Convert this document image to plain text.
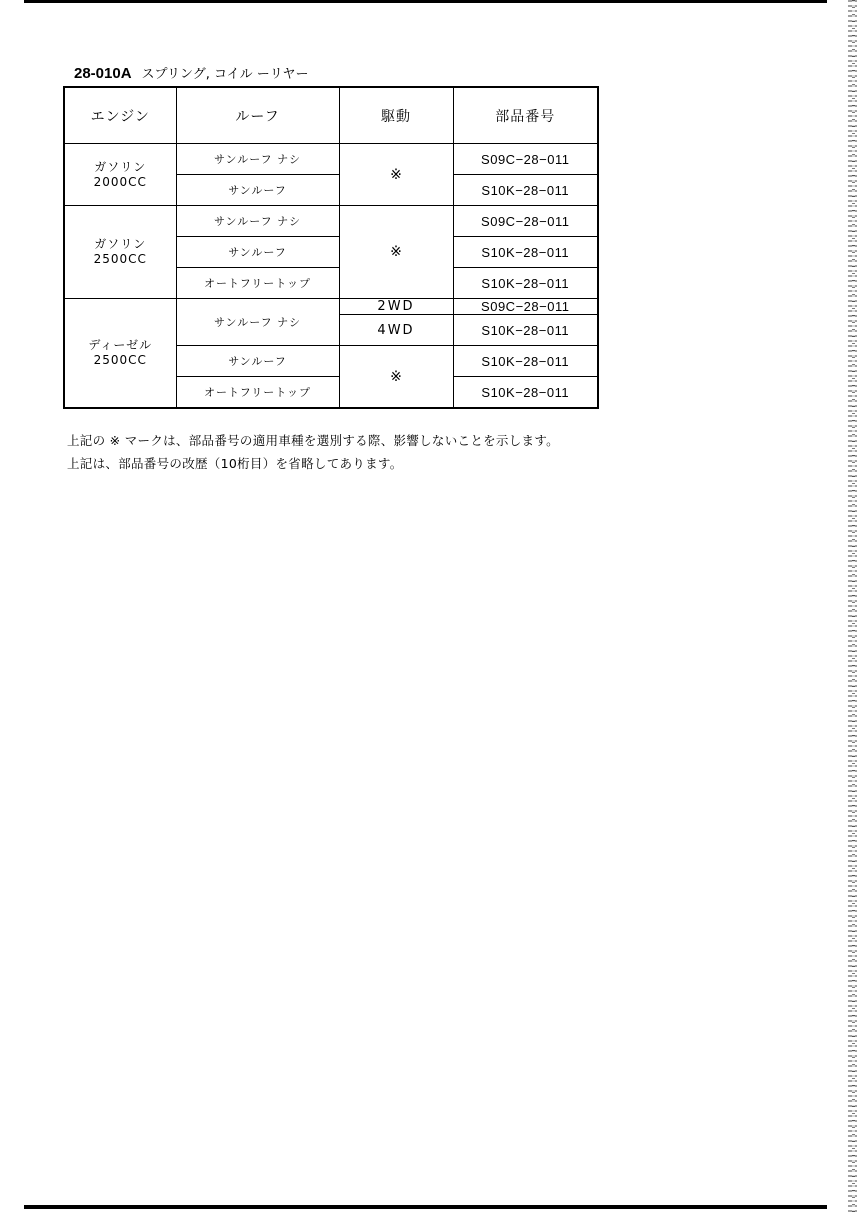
28-010A スプリング, コイル ーリヤー
エンジン	ルーフ	駆動	部品番号

ガソリン
2000CC	サンルーフ ナシ	※	S09C−28−011
	サンルーフ		S10K−28−011

ガソリン
2500CC	サンルーフ ナシ	※	S09C−28−011
	サンルーフ		S10K−28−011
	オートフリートップ		S10K−28−011

ディーゼル
2500CC	サンルーフ ナシ	2WD	S09C−28−011
		4WD	S10K−28−011
	サンルーフ	※	S10K−28−011
	オートフリートップ		S10K−28−011
上記の ※ マークは、部品番号の適用車種を選別する際、影響しないことを示します。
上記は、部品番号の改歴（10桁目）を省略してあります。
